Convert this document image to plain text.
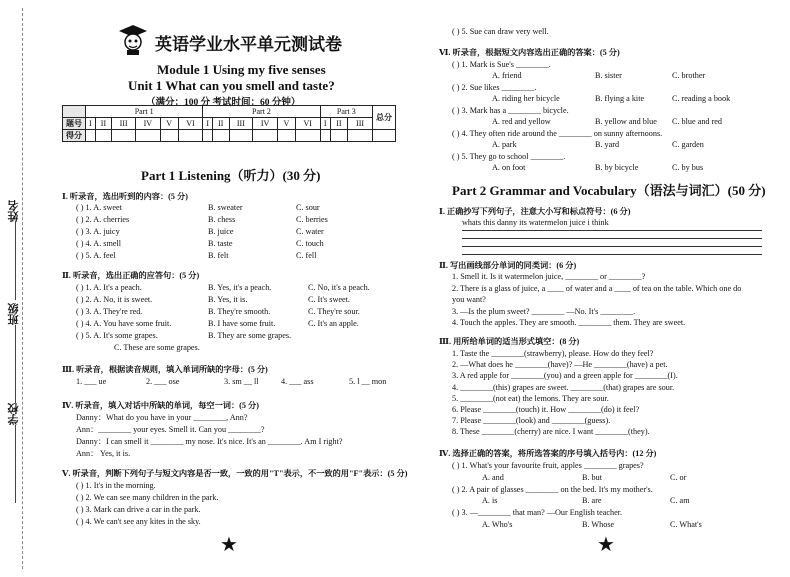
姓名
班级
学校
英语学业水平单元测试卷
Module 1 Using my five senses
Unit 1 What can you smell and taste?
（满分：100 分 考试时间：60 分钟）
	Part 1						Part 2						Part 3			总分
题号	I	II	III	IV	V	VI	I	II	III	IV	V	VI	I	II	III	
得分																
Part 1 Listening（听力）(30 分)
Ⅰ. 听录音，选出听到的内容：(5 分)
( ) 1. A. sweet	B. sweater	C. sour
( ) 2. A. cherries	B. chess	C. berries
( ) 3. A. juicy	B. juice	C. water
( ) 4. A. smell	B. taste	C. touch
( ) 5. A. feel	B. felt	C. fell
Ⅱ. 听录音，选出正确的应答句：(5 分)
( ) 1. A. It's a peach.	B. Yes, it's a peach.	C. No, it's a peach.
( ) 2. A. No, it is sweet.	B. Yes, it is.	C. It's sweet.
( ) 3. A. They're red.	B. They're smooth.	C. They're sour.
( ) 4. A. You have some fruit.	B. I have some fruit.	C. It's an apple.
( ) 5. A. It's some grapes.	B. They are some grapes.
C. These are some grapes.
Ⅲ. 听录音，根据读音规则，填入单词所缺的字母：(5 分)
1. ___ ue	2. ___ ose	3. sm __ ll	4. ___ ass	5. l __ mon
Ⅳ. 听录音，填入对话中所缺的单词，每空一词：(5 分)
Danny：What do you have in your ________, Ann?
Ann：________ your eyes. Smell it. Can you ________?
Danny：I can smell it ________ my nose. It's nice. It's an ________. Am I right?
Ann： Yes, it is.
Ⅴ. 听录音，判断下列句子与短文内容是否一致，一致的用"T"表示，不一致的用"F"表示：(5 分)
( ) 1. It's in the morning.
( ) 2. We can see many children in the park.
( ) 3. Mark can drive a car in the park.
( ) 4. We can't see any kites in the sky.
★
( ) 5. Sue can draw very well.
Ⅵ. 听录音，根据短文内容选出正确的答案：(5 分)
( ) 1. Mark is Sue's ________.
A. friend	B. sister	C. brother
( ) 2. Sue likes ________.
A. riding her bicycle	B. flying a kite	C. reading a book
( ) 3. Mark has a ________ bicycle.
A. red and yellow	B. yellow and blue C. blue and red
( ) 4. They often ride around the ________ on sunny afternoons.
A. park	B. yard	C. garden
( ) 5. They go to school ________.
A. on foot	B. by bicycle	C. by bus
Part 2 Grammar and Vocabulary（语法与词汇）(50 分)
Ⅰ. 正确抄写下列句子，注意大小写和标点符号：(6 分)
whats this danny its watermelon juice i think
Ⅱ. 写出画线部分单词的同类词：(6 分)
1. Smell it. Is it watermelon juice, ________ or ________?
2. There is a glass of juice, a ____ of water and a ____ of tea on the table. Which one do
you want?
3. —Is the plum sweet? ________ —No. It's ________.
4. Touch the apples. They are smooth. ________ them. They are sweet.
Ⅲ. 用所给单词的适当形式填空：(8 分)
1. Taste the ________(strawberry), please. How do they feel?
2. —What does he ________(have)? —He ________(have) a pet.
3. A red apple for ________(you) and a green apple for ________(I).
4. ________(this) grapes are sweet. ________(that) grapes are sour.
5. ________(not eat) the lemons. They are sour.
6. Please ________(touch) it. How ________(do) it feel?
7. Please ________(look) and ________(guess).
8. These ________(cherry) are nice. I want ________(they).
Ⅳ. 选择正确的答案，将所选答案的序号填入括号内：(12 分)
( ) 1. What's your favourite fruit, apples ________ grapes?
A. and	B. but	C. or
( ) 2. A pair of glasses ________ on the bed. It's my mother's.
A. is	B. are	C. am
( ) 3. —________ that man? —Our English teacher.
A. Who's	B. Whose	C. What's
★
